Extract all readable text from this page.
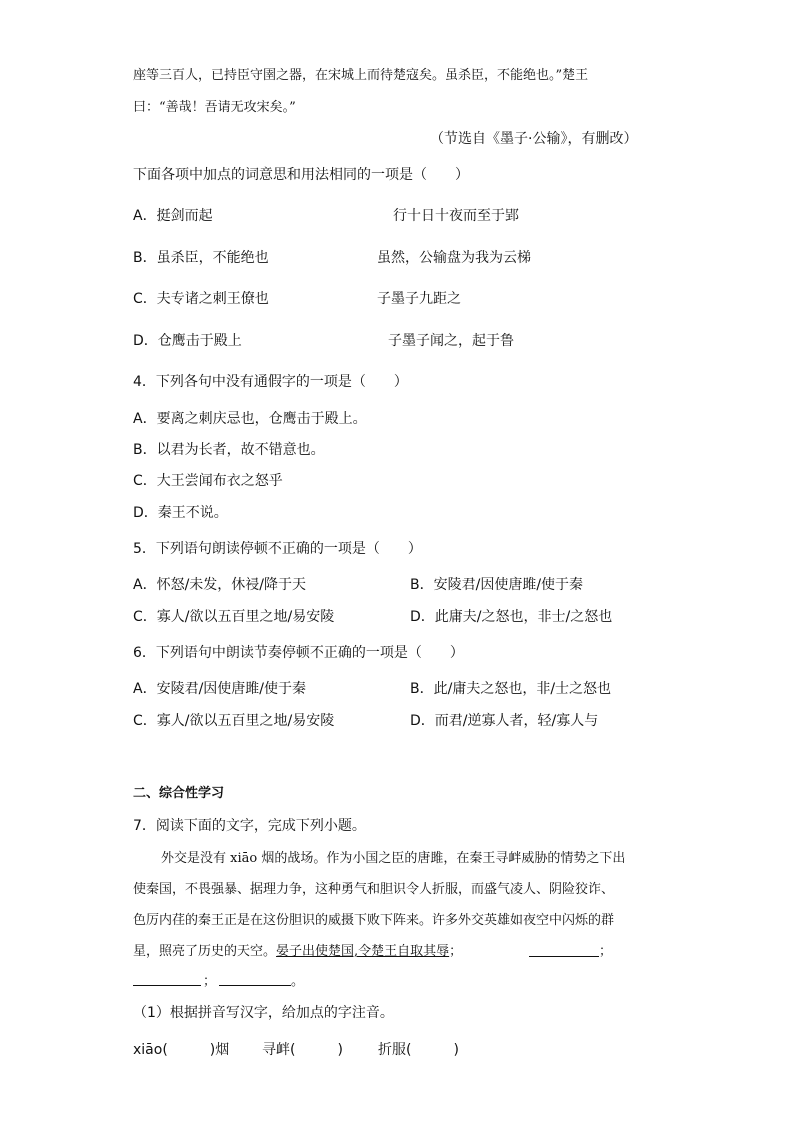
座等三百人，已持臣守圉之器，在宋城上而待楚寇矣。虽杀臣，不能绝也。”楚王
曰：“善哉！吾请无攻宋矣。”
（节选自《墨子·公输》，有删改）
下面各项中加点的词意思和用法相同的一项是（　　）
A．挺剑而起	行十日十夜而至于郢
B．虽杀臣，不能绝也	虽然，公输盘为我为云梯
C．夫专诸之刺王僚也	子墨子九距之
D．仓鹰击于殿上	子墨子闻之，起于鲁
4．下列各句中没有通假字的一项是（　　）
A．要离之刺庆忌也，仓鹰击于殿上。
B．以君为长者，故不错意也。
C．大王尝闻布衣之怒乎
D．秦王不说。
5．下列语句朗读停顿不正确的一项是（　　）
A．怀怒/未发，休祲/降于天	B．安陵君/因使唐雎/使于秦
C．寡人/欲以五百里之地/易安陵	D．此庸夫/之怒也，非士/之怒也
6．下列语句中朗读节奏停顿不正确的一项是（　　）
A．安陵君/因使唐雎/使于秦	B．此/庸夫之怒也，非/士之怒也
C．寡人/欲以五百里之地/易安陵	D．而君/逆寡人者，轻/寡人与
二、综合性学习
7．阅读下面的文字，完成下列小题。
外交是没有 xiāo 烟的战场。作为小国之臣的唐雎，在秦王寻衅威胁的情势之下出
使秦国，不畏强暴、据理力争，这种勇气和胆识令人折服，而盛气凌人、阴险狡诈、
色厉内荏的秦王正是在这份胆识的威摄下败下阵来。许多外交英雄如夜空中闪烁的群
星，照亮了历史的天空。晏子出使楚国,令楚王自取其辱；	；
；	。
（1）根据拼音写汉字，给加点的字注音。
xiāo(　　　)烟 寻衅(　　　)	折服(　　　)
